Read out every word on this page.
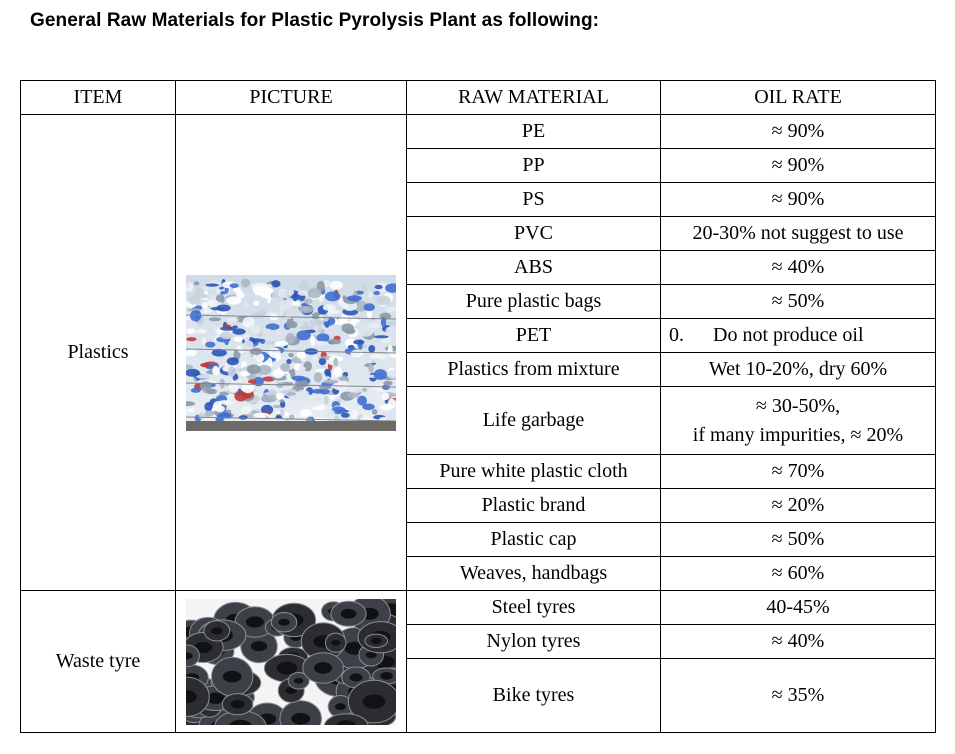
General Raw Materials for Plastic Pyrolysis Plant as following:
ITEM	PICTURE	RAW MATERIAL	OIL RATE
Plastics		PE	≈ 90%
		PP	≈ 90%
		PS	≈ 90%
		PVC	20-30% not suggest to use
		ABS	≈ 40%
		Pure plastic bags	≈ 50%
		PET	0. Do not produce oil
		Plastics from mixture	Wet 10-20%, dry 60%
		Life garbage	≈ 30-50%,
if many impurities, ≈ 20%

		Pure white plastic cloth	≈ 70%
		Plastic brand	≈ 20%
		Plastic cap	≈ 50%
		Weaves, handbags	≈ 60%
Waste tyre		Steel tyres	40-45%
		Nylon tyres	≈ 40%
		Bike tyres	≈ 35%
